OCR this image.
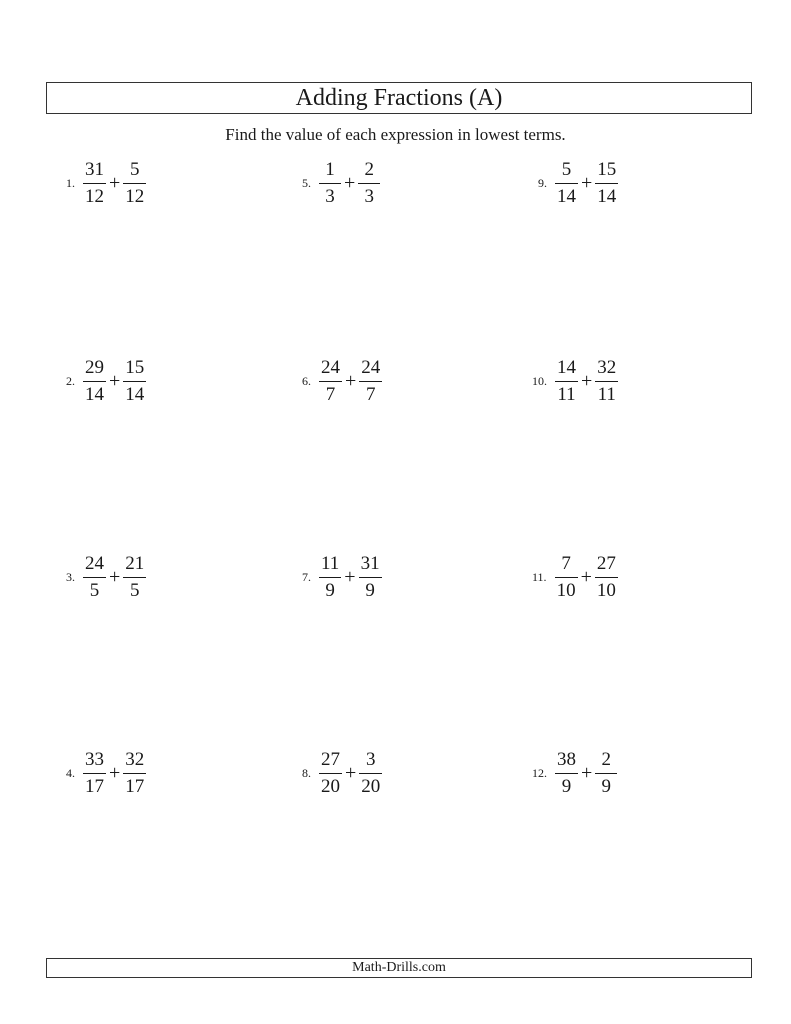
Adding Fractions (A)
Find the value of each expression in lowest terms.
1. $\frac{31}{12} + \frac{5}{12}$
2. $\frac{29}{14} + \frac{15}{14}$
3. $\frac{24}{5} + \frac{21}{5}$
4. $\frac{33}{17} + \frac{32}{17}$
5. $\frac{1}{3} + \frac{2}{3}$
6. $\frac{24}{7} + \frac{24}{7}$
7. $\frac{11}{9} + \frac{31}{9}$
8. $\frac{27}{20} + \frac{3}{20}$
9. $\frac{5}{14} + \frac{15}{14}$
10. $\frac{14}{11} + \frac{32}{11}$
11. $\frac{7}{10} + \frac{27}{10}$
12. $\frac{38}{9} + \frac{2}{9}$
Math-Drills.com
